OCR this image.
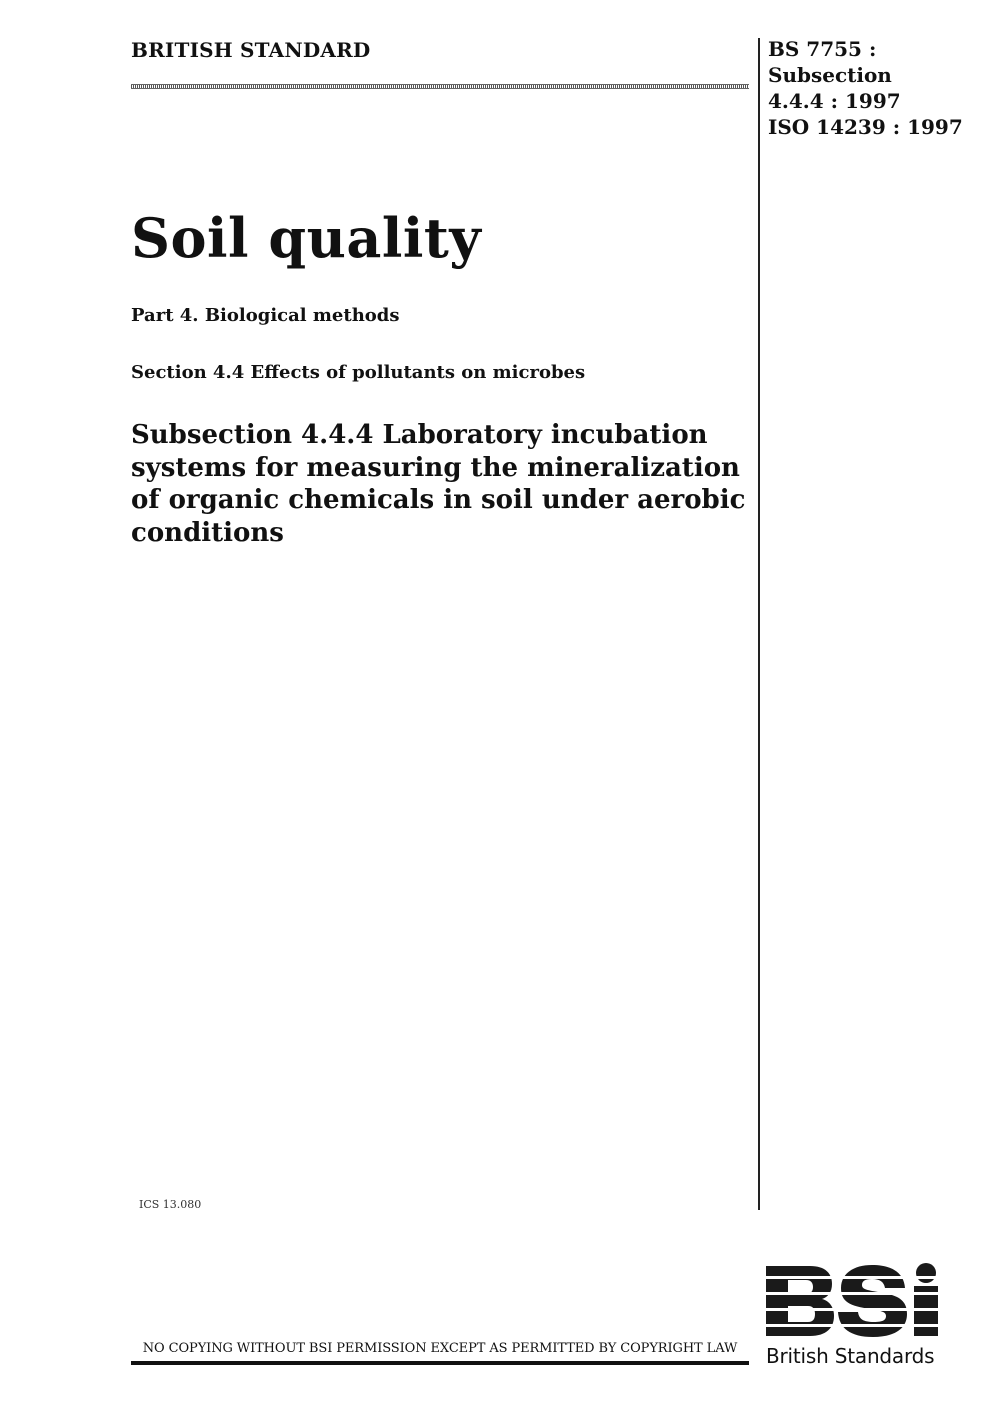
BRITISH STANDARD	BS 7755 :
Subsection
4.4.4 : 1997
ISO 14239 : 1997
Soil quality
Part 4. Biological methods
Section 4.4 Effects of pollutants on microbes
Subsection 4.4.4 Laboratory incubation
systems for measuring the mineralization
of organic chemicals in soil under aerobic
conditions
ICS 13.080
NO COPYING WITHOUT BSI PERMISSION EXCEPT AS PERMITTED BY COPYRIGHT LAW	British Standards
